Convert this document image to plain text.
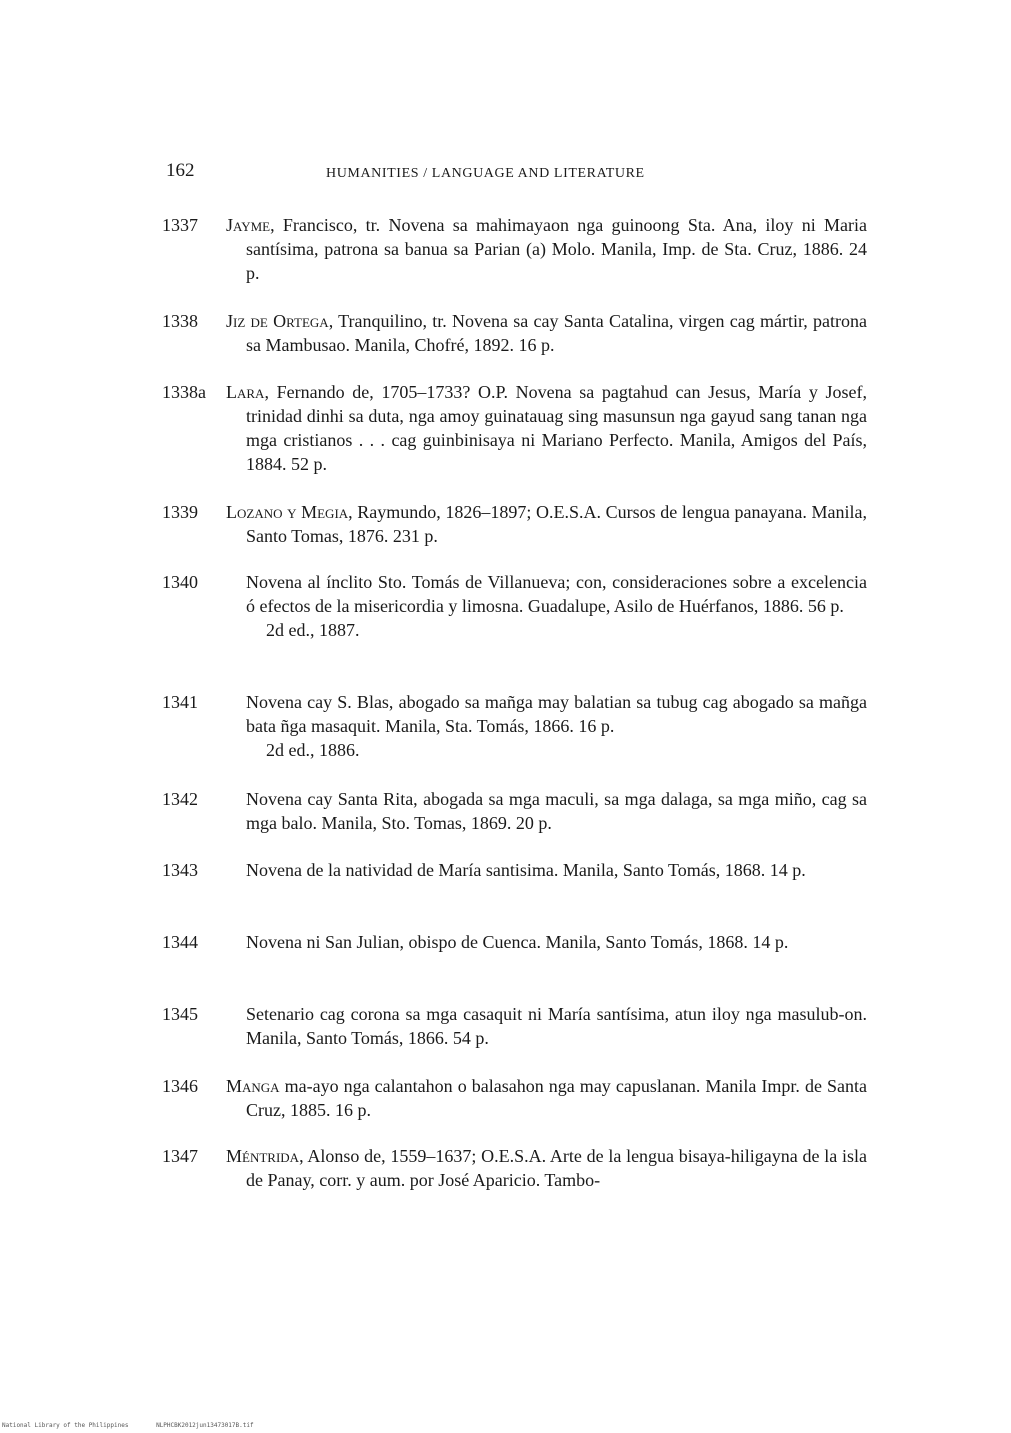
162	HUMANITIES / LANGUAGE AND LITERATURE
1337 Jayme, Francisco, tr. Novena sa mahimayaon nga guinoong Sta. Ana, iloy ni Maria santísima, patrona sa banua sa Parian (a) Molo. Manila, Imp. de Sta. Cruz, 1886. 24 p.
1338 Jiz de Ortega, Tranquilino, tr. Novena sa cay Santa Catalina, virgen cag mártir, patrona sa Mambusao. Manila, Chofré, 1892. 16 p.
1338a Lara, Fernando de, 1705–1733? O.P. Novena sa pagtahud can Jesus, María y Josef, trinidad dinhi sa duta, nga amoy guinatauag sing masunsun nga gayud sang tanan nga mga cristianos . . . cag guinbinisaya ni Mariano Perfecto. Manila, Amigos del País, 1884. 52 p.
1339 Lozano y Megia, Raymundo, 1826–1897; O.E.S.A. Cursos de lengua panayana. Manila, Santo Tomas, 1876. 231 p.
1340	Novena al ínclito Sto. Tomás de Villanueva; con, consideraciones sobre a excelencia ó efectos de la misericordia y limosna. Guadalupe, Asilo de Huérfanos, 1886. 56 p.
2d ed., 1887.
1341	Novena cay S. Blas, abogado sa mañga may balatian sa tubug cag abogado sa mañga bata ñga masaquit. Manila, Sta. Tomás, 1866. 16 p.
2d ed., 1886.
1342	Novena cay Santa Rita, abogada sa mga maculi, sa mga dalaga, sa mga miño, cag sa mga balo. Manila, Sto. Tomas, 1869. 20 p.
1343	Novena de la natividad de María santisima. Manila, Santo Tomás, 1868. 14 p.
1344	Novena ni San Julian, obispo de Cuenca. Manila, Santo Tomás, 1868. 14 p.
1345	Setenario cag corona sa mga casaquit ni María santísima, atun iloy nga masulub-on. Manila, Santo Tomás, 1866. 54 p.
1346 Manga ma-ayo nga calantahon o balasahon nga may capuslanan. Manila Impr. de Santa Cruz, 1885. 16 p.
1347 Méntrida, Alonso de, 1559–1637; O.E.S.A. Arte de la lengua bisaya-hiligayna de la isla de Panay, corr. y aum. por José Aparicio. Tambo-
National Library of the Philippines	NLPHCBK2012jun13473017B.tif
